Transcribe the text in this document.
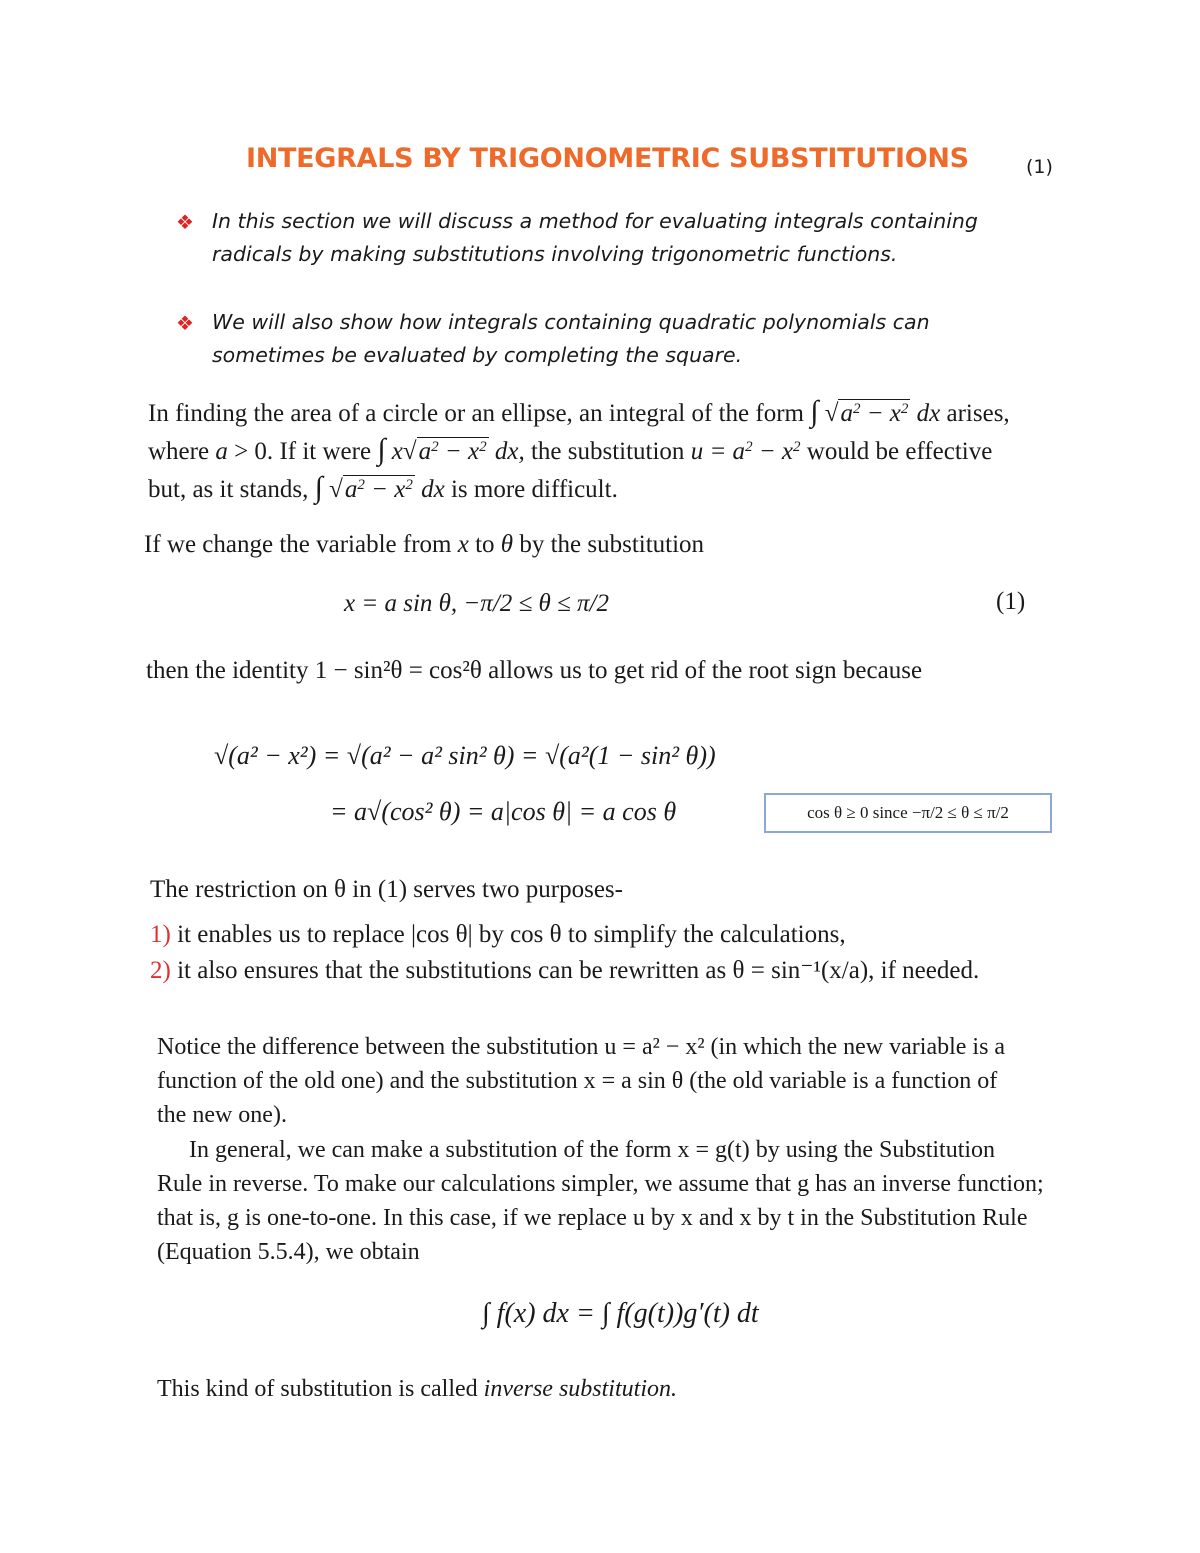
INTEGRALS BY TRIGONOMETRIC SUBSTITUTIONS	(1)
❖ In this section we will discuss a method for evaluating integrals containing
radicals by making substitutions involving trigonometric functions.
❖ We will also show how integrals containing quadratic polynomials can
sometimes be evaluated by completing the square.
In finding the area of a circle or an ellipse, an integral of the form ∫ $√a^2 - x^2$ dx arises,
where a > 0. If it were ∫ $x√a^2 - x^2$ dx, the substitution $u = a^2 - x^2$ would be effective
but, as it stands, ∫ $√a^2 - x^2$ dx is more difficult.
If we change the variable from x to θ by the substitution
x = a sin θ, −π/2 ≤ θ ≤ π/2	(1)
then the identity 1 − sin²θ = cos²θ allows us to get rid of the root sign because
√(a² − x²) = √(a² − a² sin² θ) = √(a²(1 − sin² θ))
= a√(cos² θ) = a|cos θ| = a cos θ	cos θ ≥ 0 since −π/2 ≤ θ ≤ π/2
The restriction on θ in (1) serves two purposes-
1) it enables us to replace |cos θ| by cos θ to simplify the calculations,
2) it also ensures that the substitutions can be rewritten as θ = sin⁻¹(x/a), if needed.
Notice the difference between the substitution u = a² − x² (in which the new variable is a
function of the old one) and the substitution x = a sin θ (the old variable is a function of
the new one).
In general, we can make a substitution of the form x = g(t) by using the Substitution
Rule in reverse. To make our calculations simpler, we assume that g has an inverse function;
that is, g is one-to-one. In this case, if we replace u by x and x by t in the Substitution Rule
(Equation 5.5.4), we obtain
∫ f(x) dx = ∫ f(g(t))g′(t) dt
This kind of substitution is called inverse substitution.
